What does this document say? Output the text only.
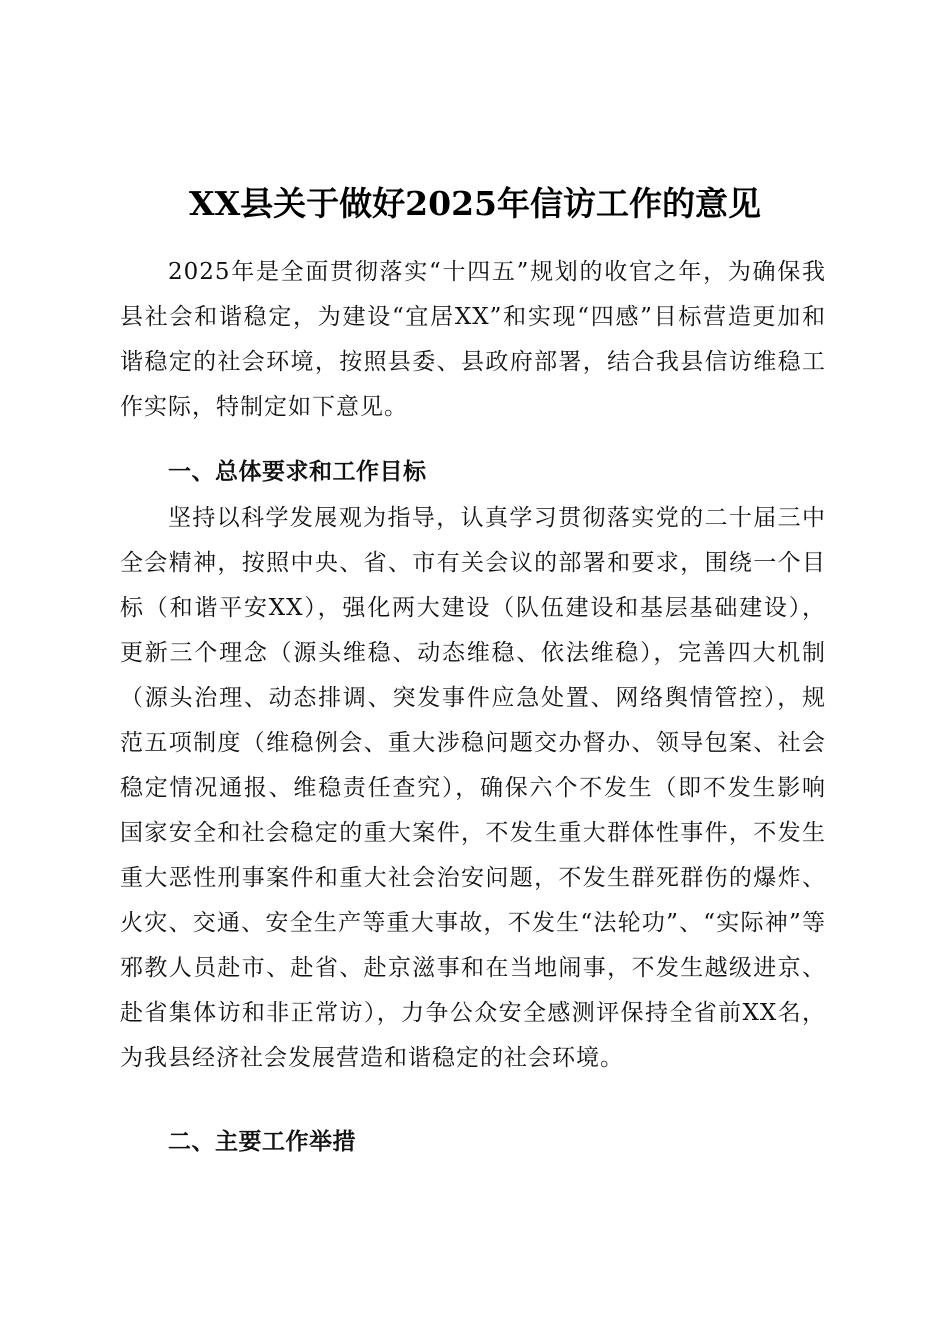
XX县关于做好2025年信访工作的意见

2025年是全面贯彻落实“十四五”规划的收官之年，为确保我县社会和谐稳定，为建设“宜居XX”和实现“四感”目标营造更加和谐稳定的社会环境，按照县委、县政府部署，结合我县信访维稳工作实际，特制定如下意见。

一、总体要求和工作目标

坚持以科学发展观为指导，认真学习贯彻落实党的二十届三中全会精神，按照中央、省、市有关会议的部署和要求，围绕一个目标（和谐平安XX），强化两大建设（队伍建设和基层基础建设），更新三个理念（源头维稳、动态维稳、依法维稳），完善四大机制（源头治理、动态排调、突发事件应急处置、网络舆情管控），规范五项制度（维稳例会、重大涉稳问题交办督办、领导包案、社会稳定情况通报、维稳责任查究），确保六个不发生（即不发生影响国家安全和社会稳定的重大案件，不发生重大群体性事件，不发生重大恶性刑事案件和重大社会治安问题，不发生群死群伤的爆炸、火灾、交通、安全生产等重大事故，不发生“法轮功”、“实际神”等邪教人员赴市、赴省、赴京滋事和在当地闹事，不发生越级进京、赴省集体访和非正常访），力争公众安全感测评保持全省前XX名，为我县经济社会发展营造和谐稳定的社会环境。

二、主要工作举措
